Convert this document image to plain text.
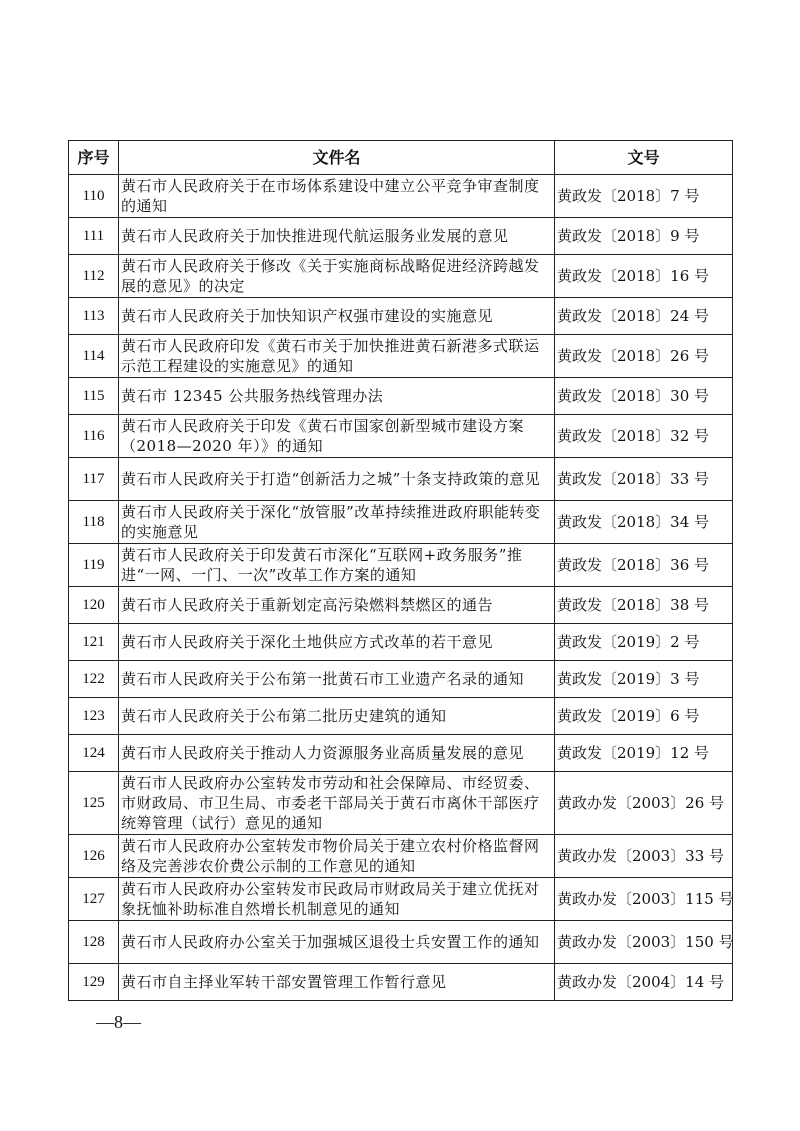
序号	文件名	文号
110	黄石市人民政府关于在市场体系建设中建立公平竞争审查制度的通知	黄政发〔2018〕7 号
111	黄石市人民政府关于加快推进现代航运服务业发展的意见	黄政发〔2018〕9 号
112	黄石市人民政府关于修改《关于实施商标战略促进经济跨越发展的意见》的决定	黄政发〔2018〕16 号
113	黄石市人民政府关于加快知识产权强市建设的实施意见	黄政发〔2018〕24 号
114	黄石市人民政府印发《黄石市关于加快推进黄石新港多式联运示范工程建设的实施意见》的通知	黄政发〔2018〕26 号
115	黄石市 12345 公共服务热线管理办法	黄政发〔2018〕30 号
116	黄石市人民政府关于印发《黄石市国家创新型城市建设方案（2018—2020 年）》的通知	黄政发〔2018〕32 号
117	黄石市人民政府关于打造“创新活力之城”十条支持政策的意见	黄政发〔2018〕33 号
118	黄石市人民政府关于深化“放管服”改革持续推进政府职能转变的实施意见	黄政发〔2018〕34 号
119	黄石市人民政府关于印发黄石市深化“互联网+政务服务”推进“一网、一门、一次”改革工作方案的通知	黄政发〔2018〕36 号
120	黄石市人民政府关于重新划定高污染燃料禁燃区的通告	黄政发〔2018〕38 号
121	黄石市人民政府关于深化土地供应方式改革的若干意见	黄政发〔2019〕2 号
122	黄石市人民政府关于公布第一批黄石市工业遗产名录的通知	黄政发〔2019〕3 号
123	黄石市人民政府关于公布第二批历史建筑的通知	黄政发〔2019〕6 号
124	黄石市人民政府关于推动人力资源服务业高质量发展的意见	黄政发〔2019〕12 号
125	黄石市人民政府办公室转发市劳动和社会保障局、市经贸委、市财政局、市卫生局、市委老干部局关于黄石市离休干部医疗统筹管理（试行）意见的通知	黄政办发〔2003〕26 号
126	黄石市人民政府办公室转发市物价局关于建立农村价格监督网络及完善涉农价费公示制的工作意见的通知	黄政办发〔2003〕33 号
127	黄石市人民政府办公室转发市民政局市财政局关于建立优抚对象抚恤补助标准自然增长机制意见的通知	黄政办发〔2003〕115 号
128	黄石市人民政府办公室关于加强城区退役士兵安置工作的通知	黄政办发〔2003〕150 号
129	黄石市自主择业军转干部安置管理工作暂行意见	黄政办发〔2004〕14 号
—8—
